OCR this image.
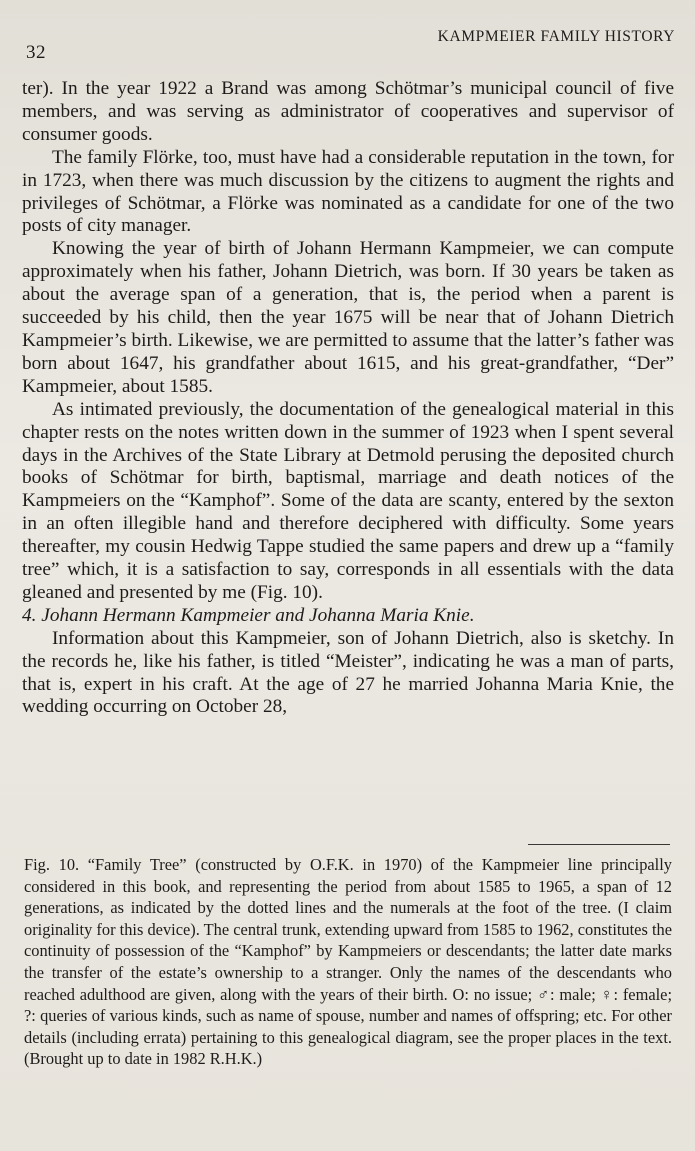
32
KAMPMEIER FAMILY HISTORY

ter). In the year 1922 a Brand was among Schötmar’s municipal council of five members, and was serving as administrator of cooperatives and supervisor of consumer goods.

The family Flörke, too, must have had a considerable reputation in the town, for in 1723, when there was much discussion by the citizens to augment the rights and privileges of Schötmar, a Flörke was nominated as a candidate for one of the two posts of city manager.

Knowing the year of birth of Johann Hermann Kampmeier, we can compute approximately when his father, Johann Dietrich, was born. If 30 years be taken as about the average span of a generation, that is, the period when a parent is succeeded by his child, then the year 1675 will be near that of Johann Dietrich Kampmeier’s birth. Likewise, we are permitted to assume that the latter’s father was born about 1647, his grandfather about 1615, and his great-grandfather, “Der” Kampmeier, about 1585.

As intimated previously, the documentation of the genealogical material in this chapter rests on the notes written down in the summer of 1923 when I spent several days in the Archives of the State Library at Detmold perusing the deposited church books of Schötmar for birth, baptismal, marriage and death notices of the Kampmeiers on the “Kamphof”. Some of the data are scanty, entered by the sexton in an often illegible hand and therefore deciphered with difficulty. Some years thereafter, my cousin Hedwig Tappe studied the same papers and drew up a “family tree” which, it is a satisfaction to say, corresponds in all essentials with the data gleaned and presented by me (Fig. 10).

4. Johann Hermann Kampmeier and Johanna Maria Knie.

Information about this Kampmeier, son of Johann Dietrich, also is sketchy. In the records he, like his father, is titled “Meister”, indicating he was a man of parts, that is, expert in his craft. At the age of 27 he married Johanna Maria Knie, the wedding occurring on October 28,

Fig. 10. “Family Tree” (constructed by O.F.K. in 1970) of the Kampmeier line principally considered in this book, and representing the period from about 1585 to 1965, a span of 12 generations, as indicated by the dotted lines and the numerals at the foot of the tree. (I claim originality for this device). The central trunk, extending upward from 1585 to 1962, constitutes the continuity of possession of the “Kamphof” by Kampmeiers or descendants; the latter date marks the transfer of the estate’s ownership to a stranger. Only the names of the descendants who reached adulthood are given, along with the years of their birth. O: no issue; ♂: male; ♀: female; ?: queries of various kinds, such as name of spouse, number and names of offspring; etc. For other details (including errata) pertaining to this genealogical diagram, see the proper places in the text. (Brought up to date in 1982 R.H.K.)
